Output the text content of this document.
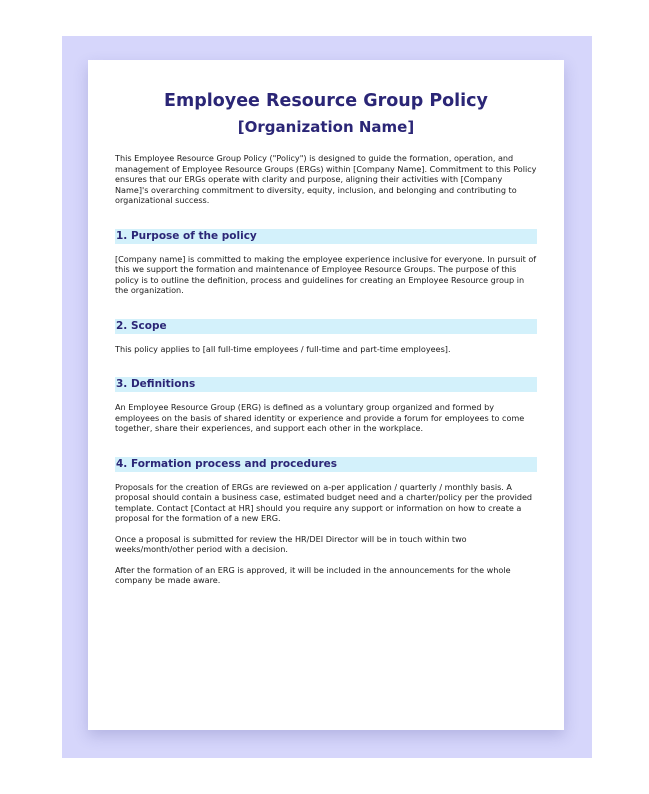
Employee Resource Group Policy
[Organization Name]

This Employee Resource Group Policy ("Policy") is designed to guide the formation, operation, and management of Employee Resource Groups (ERGs) within [Company Name]. Commitment to this Policy ensures that our ERGs operate with clarity and purpose, aligning their activities with [Company Name]'s overarching commitment to diversity, equity, inclusion, and belonging and contributing to organizational success.

1. Purpose of the policy

[Company name] is committed to making the employee experience inclusive for everyone. In pursuit of this we support the formation and maintenance of Employee Resource Groups. The purpose of this policy is to outline the definition, process and guidelines for creating an Employee Resource group in the organization.

2. Scope

This policy applies to [all full-time employees / full-time and part-time employees].

3. Definitions

An Employee Resource Group (ERG) is defined as a voluntary group organized and formed by employees on the basis of shared identity or experience and provide a forum for employees to come together, share their experiences, and support each other in the workplace.

4. Formation process and procedures

Proposals for the creation of ERGs are reviewed on a-per application / quarterly / monthly basis. A proposal should contain a business case, estimated budget need and a charter/policy per the provided template. Contact [Contact at HR] should you require any support or information on how to create a proposal for the formation of a new ERG.

Once a proposal is submitted for review the HR/DEI Director will be in touch within two weeks/month/other period with a decision.

After the formation of an ERG is approved, it will be included in the announcements for the whole company be made aware.
